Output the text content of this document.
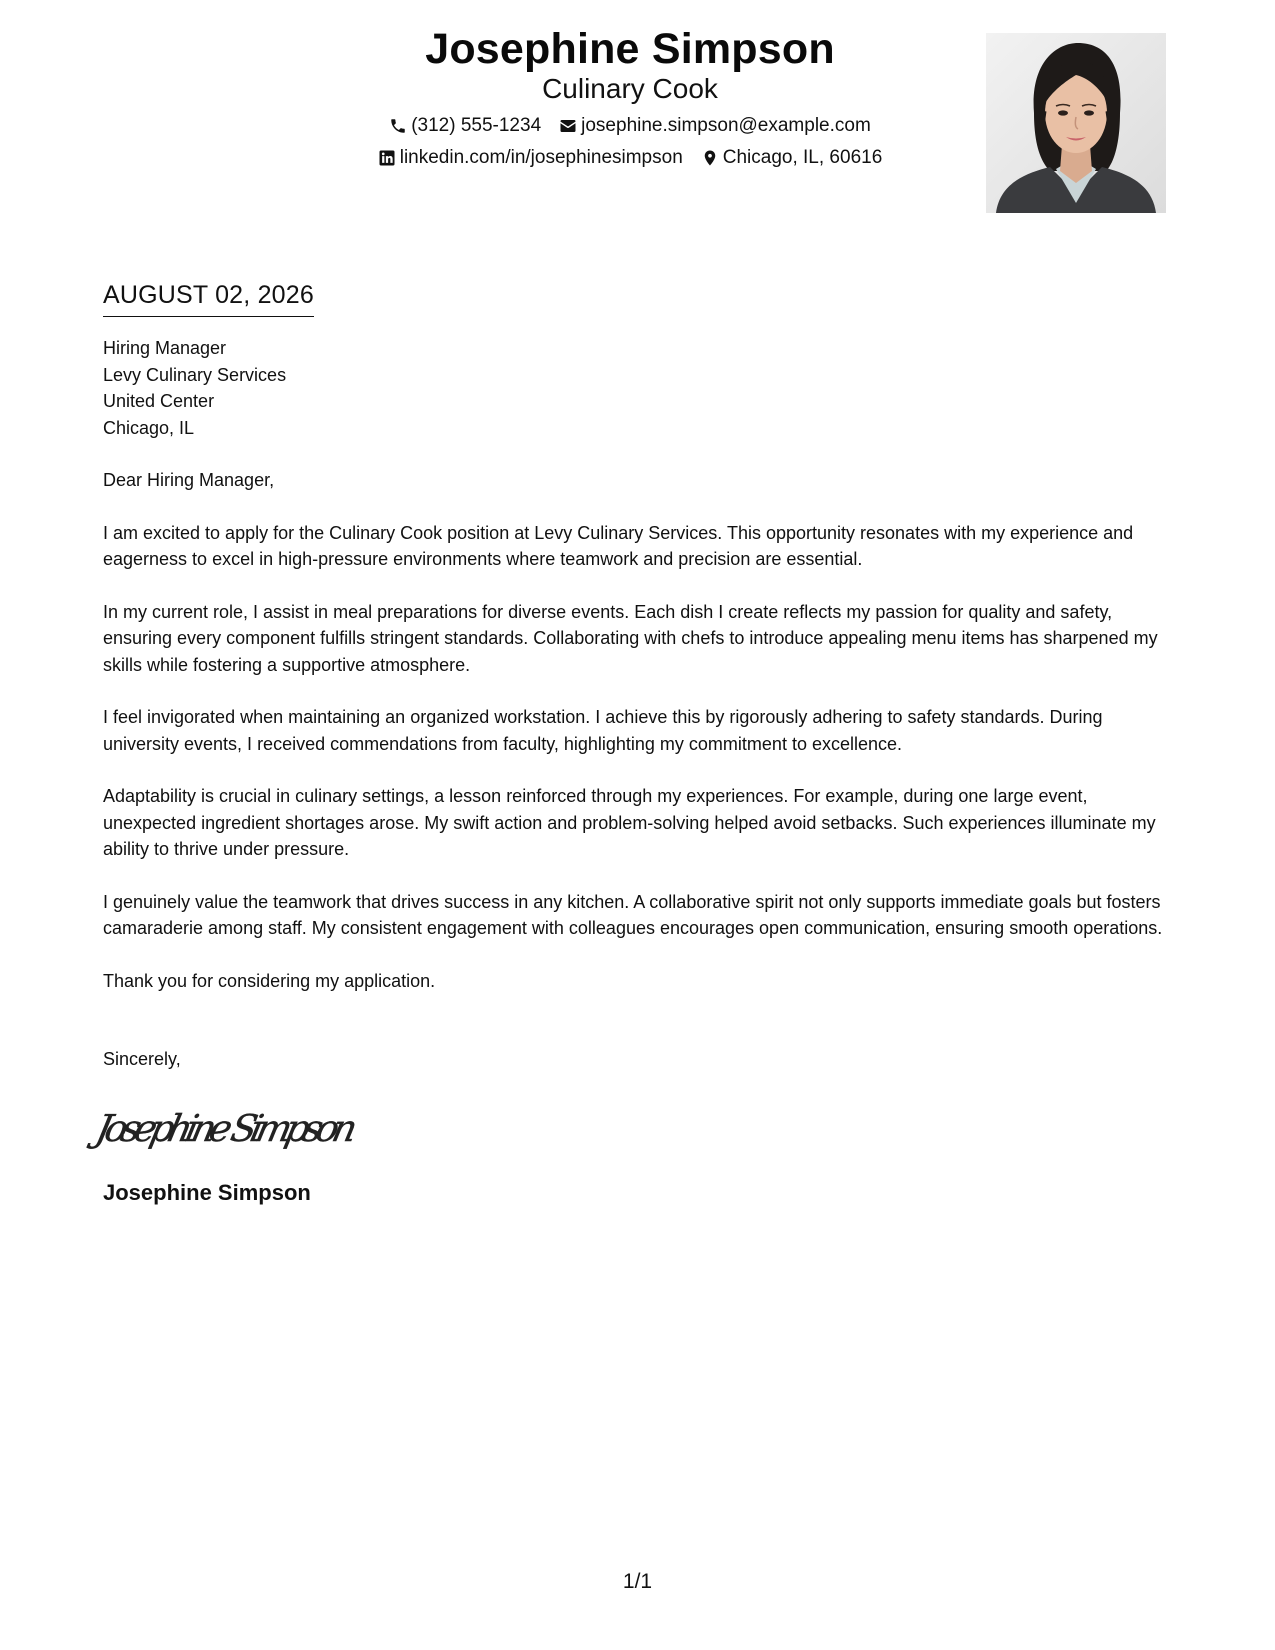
Josephine Simpson
Culinary Cook
(312) 555-1234 josephine.simpson@example.com
linkedin.com/in/josephinesimpson Chicago, IL, 60616
AUGUST 02, 2026
Hiring Manager
Levy Culinary Services
United Center
Chicago, IL
Dear Hiring Manager,

I am excited to apply for the Culinary Cook position at Levy Culinary Services. This opportunity resonates with my experience and eagerness to excel in high-pressure environments where teamwork and precision are essential.

In my current role, I assist in meal preparations for diverse events. Each dish I create reflects my passion for quality and safety, ensuring every component fulfills stringent standards. Collaborating with chefs to introduce appealing menu items has sharpened my skills while fostering a supportive atmosphere.

I feel invigorated when maintaining an organized workstation. I achieve this by rigorously adhering to safety standards. During university events, I received commendations from faculty, highlighting my commitment to excellence.

Adaptability is crucial in culinary settings, a lesson reinforced through my experiences. For example, during one large event, unexpected ingredient shortages arose. My swift action and problem-solving helped avoid setbacks. Such experiences illuminate my ability to thrive under pressure.

I genuinely value the teamwork that drives success in any kitchen. A collaborative spirit not only supports immediate goals but fosters camaraderie among staff. My consistent engagement with colleagues encourages open communication, ensuring smooth operations.

Thank you for considering my application.

Sincerely,
Josephine Simpson
Josephine Simpson
1/1
